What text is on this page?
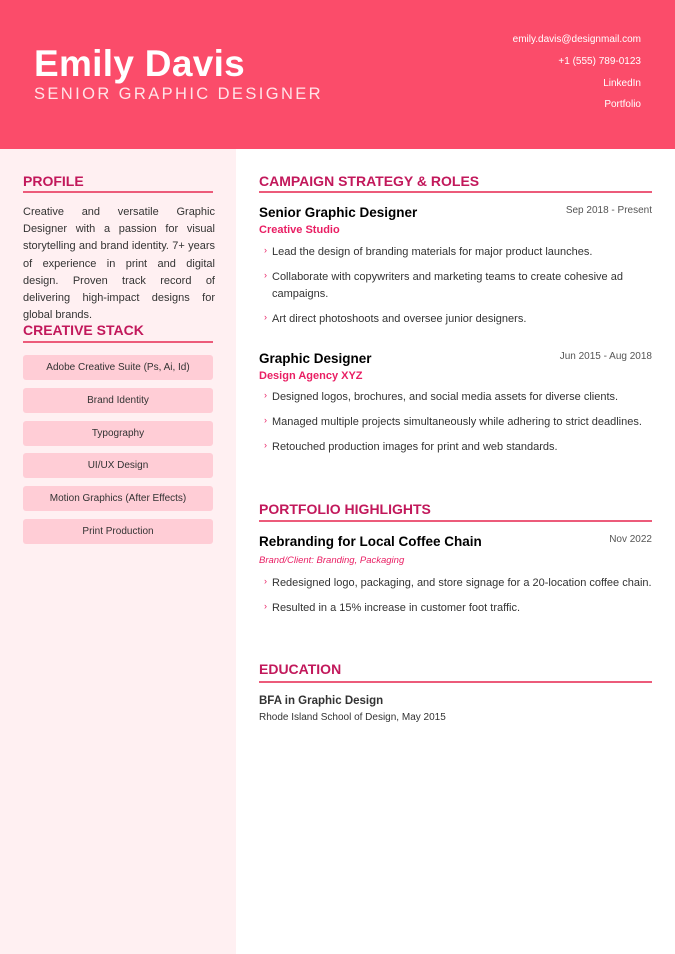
Emily Davis
SENIOR GRAPHIC DESIGNER
emily.davis@designmail.com
+1 (555) 789-0123
LinkedIn
Portfolio
PROFILE
Creative and versatile Graphic Designer with a passion for visual storytelling and brand identity. 7+ years of experience in print and digital design. Proven track record of delivering high-impact designs for global brands.
CREATIVE STACK
Adobe Creative Suite (Ps, Ai, Id)
Brand Identity
Typography
UI/UX Design
Motion Graphics (After Effects)
Print Production
CAMPAIGN STRATEGY & ROLES
Senior Graphic Designer	Sep 2018 - Present
Creative Studio
› Lead the design of branding materials for major product launches.
› Collaborate with copywriters and marketing teams to create cohesive ad campaigns.
› Art direct photoshoots and oversee junior designers.
Graphic Designer	Jun 2015 - Aug 2018
Design Agency XYZ
› Designed logos, brochures, and social media assets for diverse clients.
› Managed multiple projects simultaneously while adhering to strict deadlines.
› Retouched production images for print and web standards.
PORTFOLIO HIGHLIGHTS
Rebranding for Local Coffee Chain	Nov 2022
Brand/Client: Branding, Packaging
› Redesigned logo, packaging, and store signage for a 20-location coffee chain.
› Resulted in a 15% increase in customer foot traffic.
EDUCATION
BFA in Graphic Design
Rhode Island School of Design, May 2015
